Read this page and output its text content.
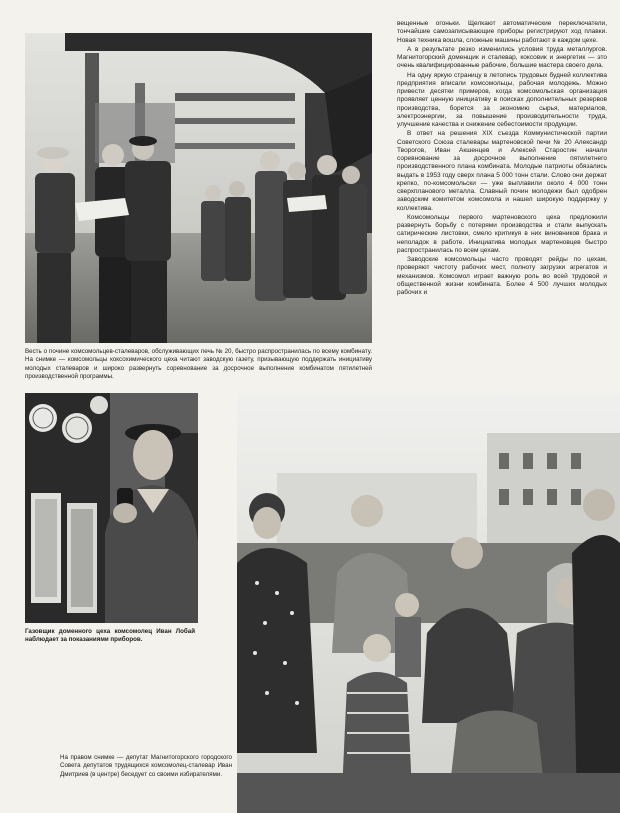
Весть о почине комсомольцев-сталеваров, обслуживающих печь № 20, быстро распространилась по всему комбинату. На снимке — комсомольцы коксохимического цеха читают заводскую газету, призывающую поддержать инициативу молодых сталеваров и широко развернуть соревнование за досрочное выполнение комбинатом пятилетней производственной программы.
Газовщик доменного цеха комсомолец Иван Лобай наблюдает за показаниями приборов.
На правом снимке — депутат Магнитогорского городского Совета депутатов трудящихся комсомолец-сталевар Иван Дмитриев (в центре) беседует со своими избирателями.

вещенные огоньки. Щелкают автоматические переключатели, тончайшие самозаписывающие приборы регистрируют ход плавки. Новая техника вошла, сложные машины работают в каждом цехе.

А в результате резко изменились условия труда металлургов. Магнитогорский доменщик и сталевар, коксовик и энергетик — это очень квалифицированные рабочие, большие мастера своего дела.

На одну яркую страницу в летопись трудовых будней коллектива предприятия вписали комсомольцы, рабочая молодежь. Можно привести десятки примеров, когда комсомольская организация проявляет ценную инициативу в поисках дополнительных резервов производства, борется за экономию сырья, материалов, электроэнергии, за повышение производительности труда, улучшение качества и снижение себестоимости продукции.

В ответ на решения XIX съезда Коммунистической партии Советского Союза сталевары мартеновской печи № 20 Александр Творогов, Иван Акшенцев и Алексей Старостин начали соревнование за досрочное выполнение пятилетнего производственного плана комбината. Молодые патриоты обязались выдать в 1953 году сверх плана 5 000 тонн стали. Слово они держат крепко, по-комсомольски — уже выплавили около 4 000 тонн сверхпланового металла. Славный почин молодежи был одобрен заводским комитетом комсомола и нашел широкую поддержку у коллектива.

Комсомольцы первого мартеновского цеха предложили развернуть борьбу с потерями производства и стали выпускать сатирические листовки, смело критикуя в них виновников брака и неполадок в работе. Инициатива молодых мартеновцев быстро распространилась по всем цехам.

Заводские комсомольцы часто проводят рейды по цехам, проверяют чистоту рабочих мест, полноту загрузки агрегатов и механизмов. Комсомол играет важную роль во всей трудовой и общественной жизни комбината. Более 4 500 лучших молодых рабочих и
